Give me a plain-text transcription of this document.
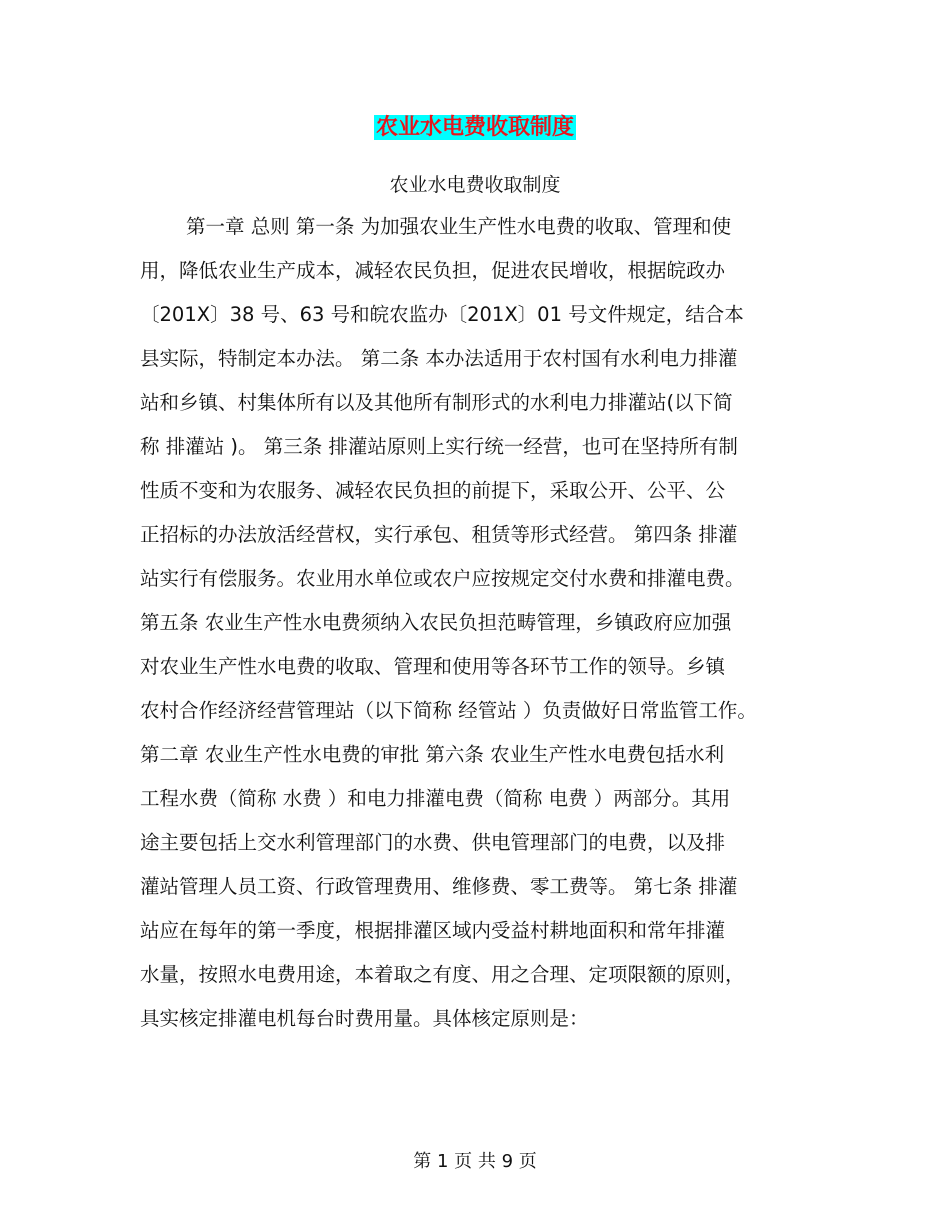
农业水电费收取制度
农业水电费收取制度
第一章 总则 第一条 为加强农业生产性水电费的收取、管理和使
用，降低农业生产成本，减轻农民负担，促进农民增收，根据皖政办
〔201X〕38 号、63 号和皖农监办〔201X〕01 号文件规定，结合本
县实际，特制定本办法。 第二条 本办法适用于农村国有水利电力排灌
站和乡镇、村集体所有以及其他所有制形式的水利电力排灌站(以下简
称 排灌站 )。 第三条 排灌站原则上实行统一经营，也可在坚持所有制
性质不变和为农服务、减轻农民负担的前提下，采取公开、公平、公
正招标的办法放活经营权，实行承包、租赁等形式经营。 第四条 排灌
站实行有偿服务。农业用水单位或农户应按规定交付水费和排灌电费。
第五条 农业生产性水电费须纳入农民负担范畴管理，乡镇政府应加强
对农业生产性水电费的收取、管理和使用等各环节工作的领导。乡镇
农村合作经济经营管理站（以下简称 经管站 ）负责做好日常监管工作。
第二章 农业生产性水电费的审批 第六条 农业生产性水电费包括水利
工程水费（简称 水费 ）和电力排灌电费（简称 电费 ）两部分。其用
途主要包括上交水利管理部门的水费、供电管理部门的电费，以及排
灌站管理人员工资、行政管理费用、维修费、零工费等。 第七条 排灌
站应在每年的第一季度，根据排灌区域内受益村耕地面积和常年排灌
水量，按照水电费用途，本着取之有度、用之合理、定项限额的原则，
具实核定排灌电机每台时费用量。具体核定原则是：
第 1 页 共 9 页
